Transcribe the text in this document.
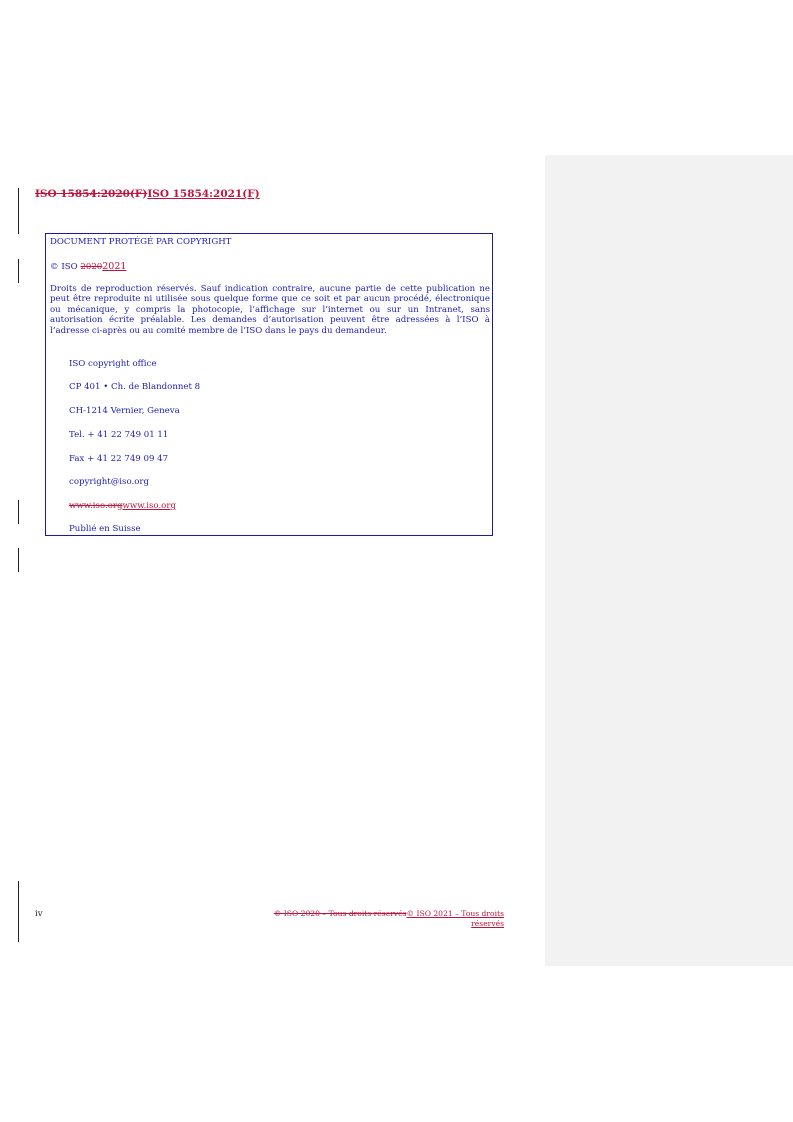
ISO 15854:2020(F)ISO 15854:2021(F)
DOCUMENT PROTÉGÉ PAR COPYRIGHT
© ISO 20202021
Droits de reproduction réservés. Sauf indication contraire, aucune partie de cette publication ne peut être reproduite ni utilisée sous quelque forme que ce soit et par aucun procédé, électronique ou mécanique, y compris la photocopie, l’affichage sur l’internet ou sur un Intranet, sans autorisation écrite préalable. Les demandes d’autorisation peuvent être adressées à l’ISO à l’adresse ci-après ou au comité membre de l’ISO dans le pays du demandeur.
ISO copyright office
CP 401 • Ch. de Blandonnet 8
CH-1214 Vernier, Geneva
Tel. + 41 22 749 01 11
Fax + 41 22 749 09 47
copyright@iso.org
www.iso.orgwww.iso.org
Publié en Suisse
iv	© ISO 2020 – Tous droits réservés© ISO 2021 – Tous droits réservés
